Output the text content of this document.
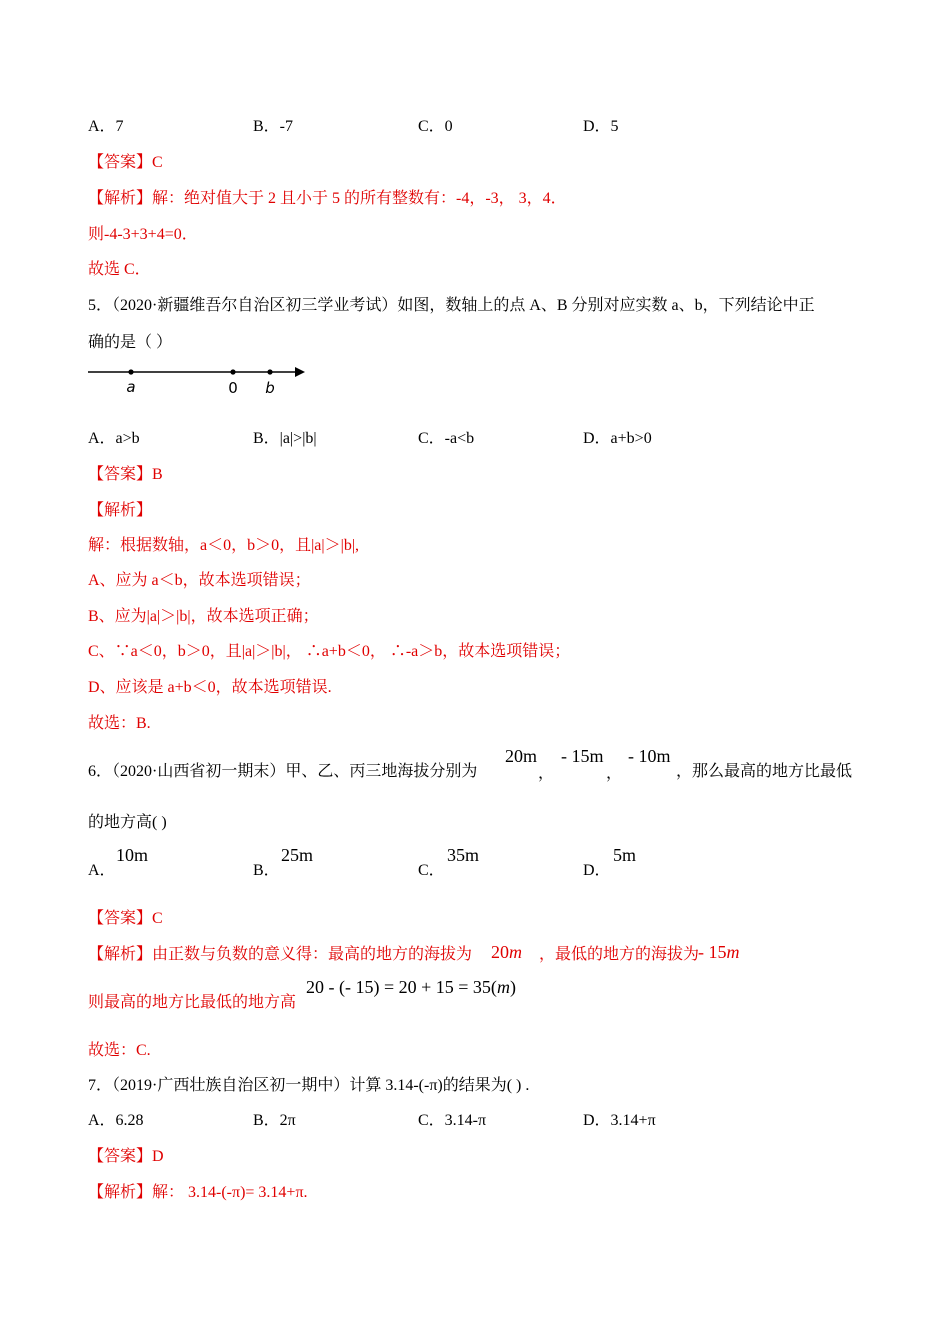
A．7	B．-7	C．0	D．5
【答案】C
【解析】解：绝对值大于 2 且小于 5 的所有整数有：-4，-3， 3，4．
则-4-3+3+4=0．
故选 C．
5．（2020·新疆维吾尔自治区初三学业考试）如图，数轴上的点 A、B 分别对应实数 a、b，下列结论中正
确的是（ ）
a	0 b
A．a>b	B．|a|>|b|	C．-a<b	D．a+b>0
【答案】B
【解析】
解：根据数轴，a＜0，b＞0，且|a|＞|b|,
A、应为 a＜b，故本选项错误；
B、应为|a|＞|b|，故本选项正确；
C、∵a＜0，b＞0，且|a|＞|b|， ∴a+b＜0， ∴-a＞b，故本选项错误；
D、应该是 a+b＜0，故本选项错误.
故选：B.
6．（2020·山西省初一期末）甲、乙、丙三地海拔分别为
20m
，
- 15m
，
- 10m
，那么最高的地方比最低
的地方高( )
A．
10m
B．
25m
C．
35m
D．
5m
【答案】C
【解析】由正数与负数的意义得：最高的地方的海拔为 20m ，最低的地方的海拔为
- 15m
则最高的地方比最低的地方高
20 - (- 15) = 20 + 15 = 35(m)
故选：C.
7．（2019·广西壮族自治区初一期中）计算 3.14-(-π)的结果为( ) .
A．6.28	B．2π	C．3.14-π	D．3.14+π
【答案】D
【解析】解： 3.14-(-π)= 3.14+π.
